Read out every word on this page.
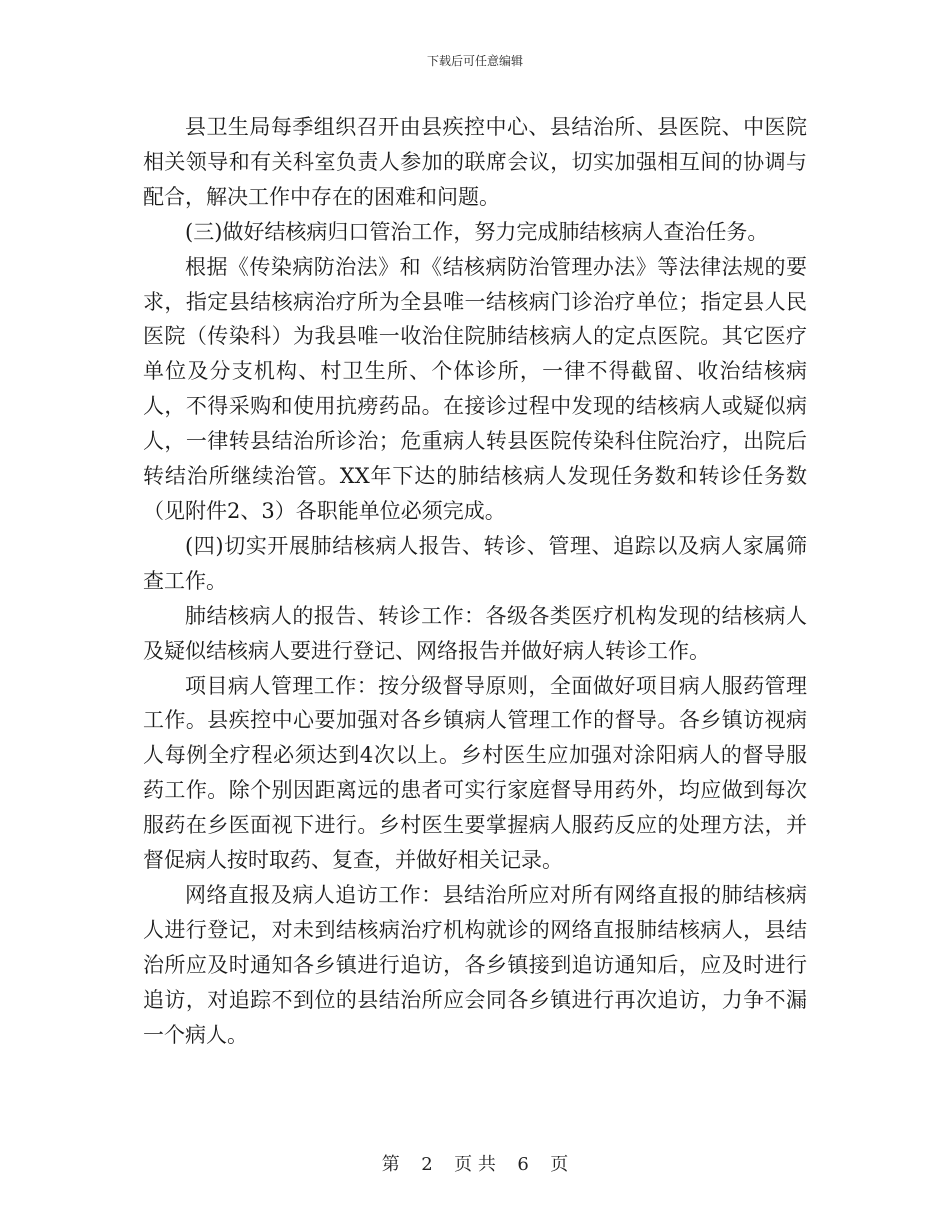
下载后可任意编辑

县卫生局每季组织召开由县疾控中心、县结治所、县医院、中医院相关领导和有关科室负责人参加的联席会议，切实加强相互间的协调与配合，解决工作中存在的困难和问题。

(三)做好结核病归口管治工作，努力完成肺结核病人查治任务。

根据《传染病防治法》和《结核病防治管理办法》等法律法规的要求，指定县结核病治疗所为全县唯一结核病门诊治疗单位；指定县人民医院（传染科）为我县唯一收治住院肺结核病人的定点医院。其它医疗单位及分支机构、村卫生所、个体诊所，一律不得截留、收治结核病人，不得采购和使用抗痨药品。在接诊过程中发现的结核病人或疑似病人，一律转县结治所诊治；危重病人转县医院传染科住院治疗，出院后转结治所继续治管。XX年下达的肺结核病人发现任务数和转诊任务数（见附件2、3）各职能单位必须完成。

(四)切实开展肺结核病人报告、转诊、管理、追踪以及病人家属筛查工作。

肺结核病人的报告、转诊工作：各级各类医疗机构发现的结核病人及疑似结核病人要进行登记、网络报告并做好病人转诊工作。

项目病人管理工作：按分级督导原则，全面做好项目病人服药管理工作。县疾控中心要加强对各乡镇病人管理工作的督导。各乡镇访视病人每例全疗程必须达到4次以上。乡村医生应加强对涂阳病人的督导服药工作。除个别因距离远的患者可实行家庭督导用药外，均应做到每次服药在乡医面视下进行。乡村医生要掌握病人服药反应的处理方法，并督促病人按时取药、复查，并做好相关记录。

网络直报及病人追访工作：县结治所应对所有网络直报的肺结核病人进行登记，对未到结核病治疗机构就诊的网络直报肺结核病人，县结治所应及时通知各乡镇进行追访，各乡镇接到追访通知后，应及时进行追访，对追踪不到位的县结治所应会同各乡镇进行再次追访，力争不漏一个病人。

第 2 页 共 6 页
